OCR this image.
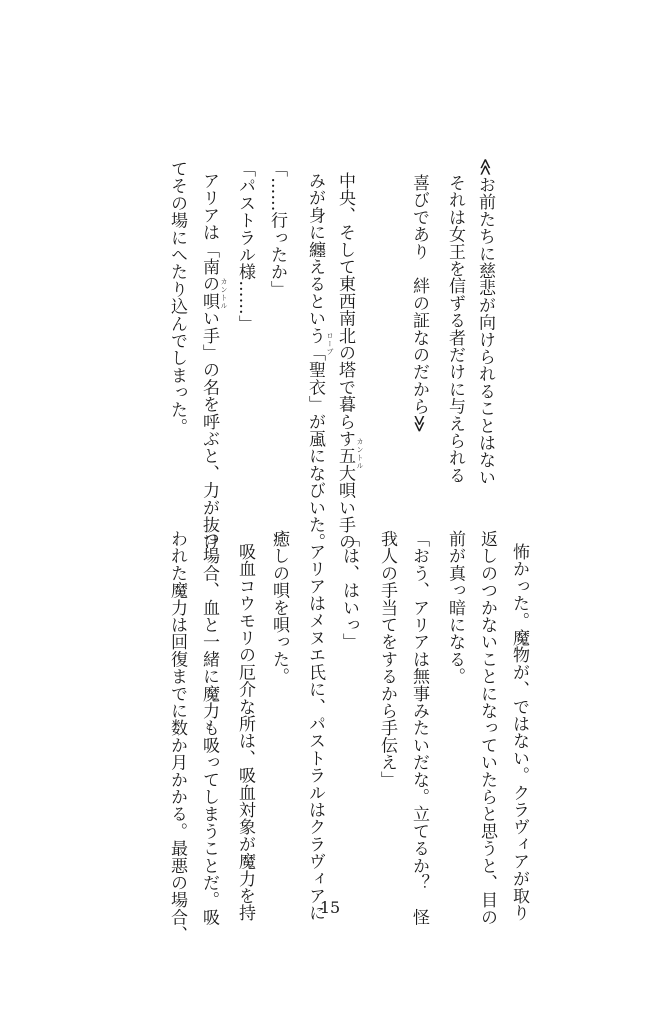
≪お前たちに慈悲が向けられることはない
それは女王を信ずる者だけに与えられる
喜びであり　絆の証なのだから≫
中央、そして東西南北の塔で暮らす五大唄い手の
みが身に纏えるという「聖衣」が颪になびいた。
「……行ったか」
「パストラル様……」
アリアは「南の唄い手」の名を呼ぶと、力が抜け
てその場にへたり込んでしまった。
カントル
ローブ
カントル
怖かった。魔物が、ではない。クラヴィアが取り
返しのつかないことになっていたらと思うと、目の
前が真っ暗になる。
「おう、アリアは無事みたいだな。立てるか？　怪
我人の手当てをするから手伝え」
「は、はいっ」
アリアはメヌエ氏に、パストラルはクラヴィアに
癒しの唄を唄った。
吸血コウモリの厄介な所は、吸血対象が魔力を持
つ場合、血と一緒に魔力も吸ってしまうことだ。吸
われた魔力は回復までに数か月かかる。最悪の場合、	15
